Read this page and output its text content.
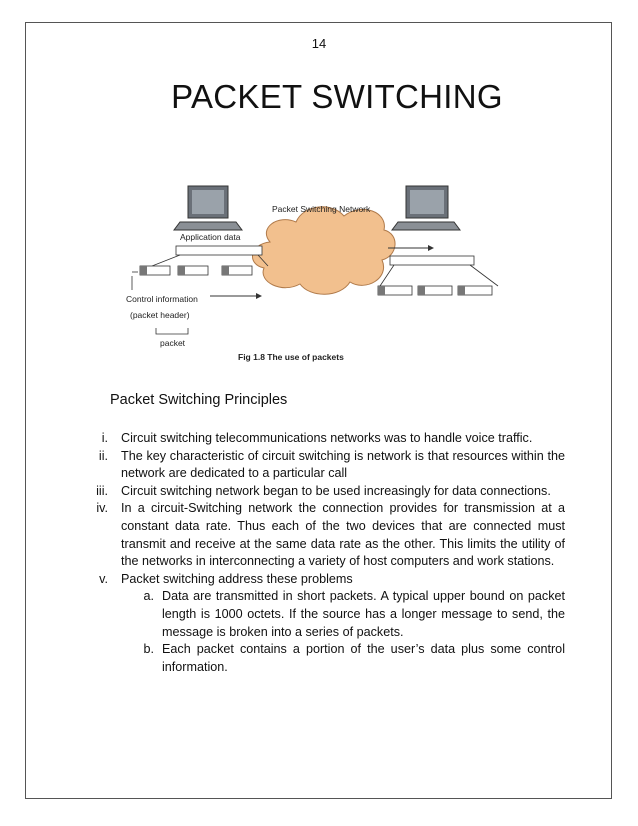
14
PACKET SWITCHING
Packet Switching Network
Application data
Control information
(packet header)
packet
Fig 1.8 The use of packets
Packet Switching Principles
i.	Circuit switching telecommunications networks was to handle voice traffic.
ii.	The key characteristic of circuit switching is network is that resources within the network are dedicated to a particular call
iii.	Circuit switching network began to be used increasingly for data connections.
iv.	In a circuit-Switching network the connection provides for transmission at a constant data rate. Thus each of the two devices that are connected must transmit and receive at the same data rate as the other. This limits the utility of the networks in interconnecting a variety of host computers and work stations.
v.	Packet switching address these problems
a. Data are transmitted in short packets. A typical upper bound on packet length is 1000 octets. If the source has a longer message to send, the message is broken into a series of packets.
b. Each packet contains a portion of the user’s data plus some control information.
